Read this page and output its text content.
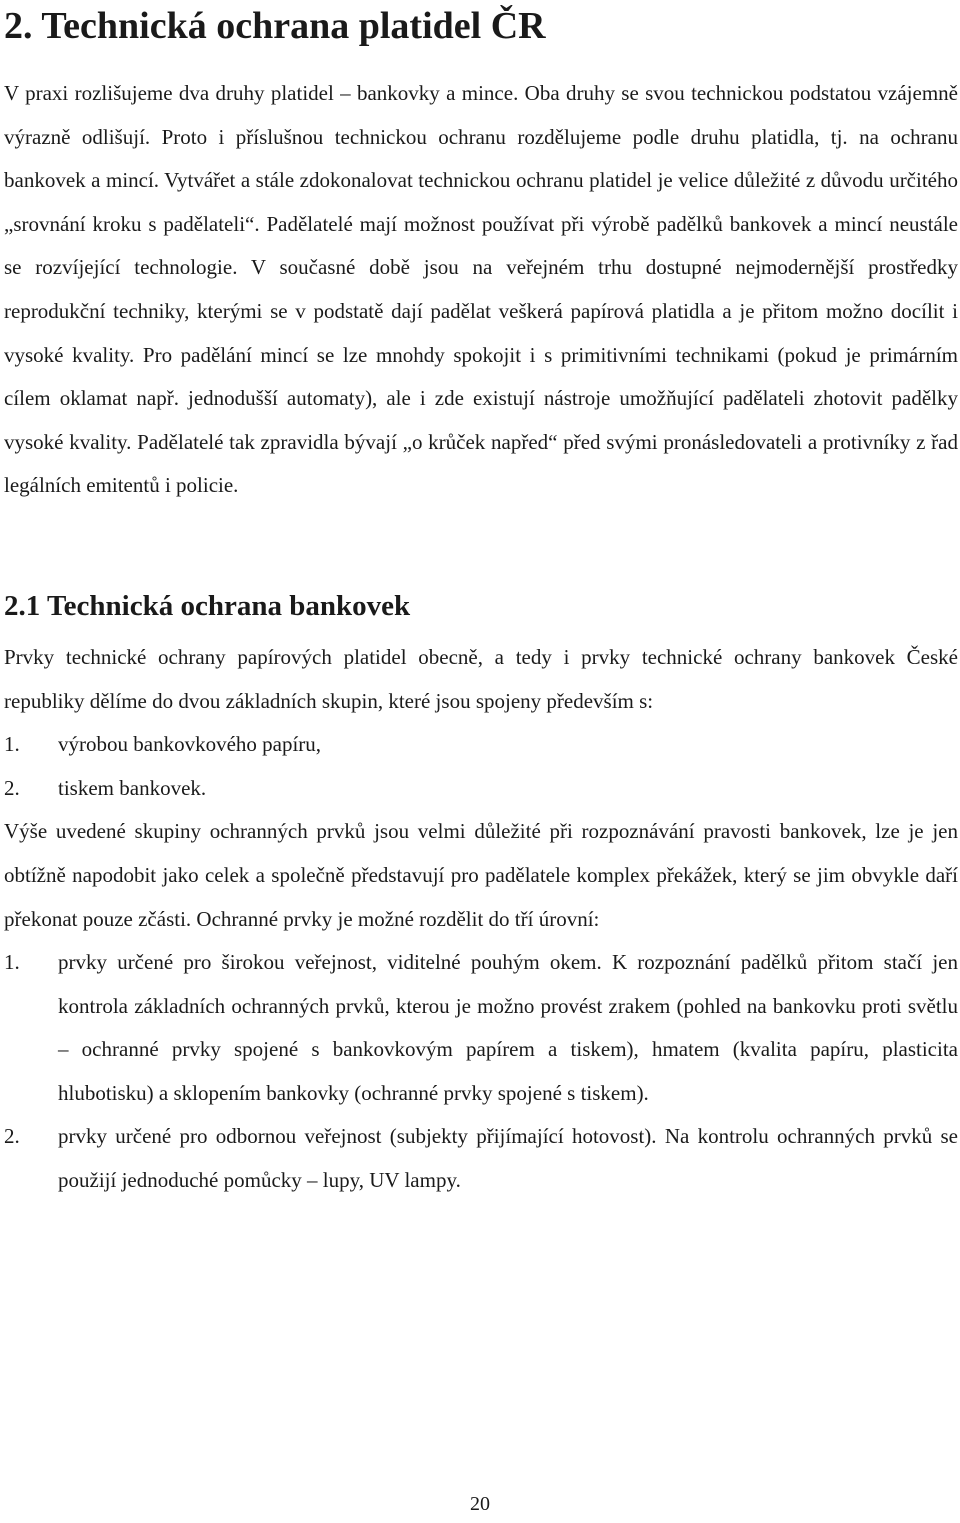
2. Technická ochrana platidel ČR

V praxi rozlišujeme dva druhy platidel – bankovky a mince. Oba druhy se svou technickou podstatou vzájemně výrazně odlišují. Proto i příslušnou technickou ochranu rozdělujeme podle druhu platidla, tj. na ochranu bankovek a mincí. Vytvářet a stále zdokonalovat technickou ochranu platidel je velice důležité z důvodu určitého „srovnání kroku s padělateli“. Padělatelé mají možnost používat při výrobě padělků bankovek a mincí neustále se rozvíjející technologie. V současné době jsou na veřejném trhu dostupné nejmodernější prostředky reprodukční techniky, kterými se v podstatě dají padělat veškerá papírová platidla a je přitom možno docílit i vysoké kvality. Pro padělání mincí se lze mnohdy spokojit i s primitivními technikami (pokud je primárním cílem oklamat např. jednodušší automaty), ale i zde existují nástroje umožňující padělateli zhotovit padělky vysoké kvality. Padělatelé tak zpravidla bývají „o krůček napřed“ před svými pronásledovateli a protivníky z řad legálních emitentů i policie.

2.1 Technická ochrana bankovek

Prvky technické ochrany papírových platidel obecně, a tedy i prvky technické ochrany bankovek České republiky dělíme do dvou základních skupin, které jsou spojeny především s:

1.	výrobou bankovkového papíru,
2.	tiskem bankovek.

Výše uvedené skupiny ochranných prvků jsou velmi důležité při rozpoznávání pravosti bankovek, lze je jen obtížně napodobit jako celek a společně představují pro padělatele komplex překážek, který se jim obvykle daří překonat pouze zčásti. Ochranné prvky je možné rozdělit do tří úrovní:

1.	prvky určené pro širokou veřejnost, viditelné pouhým okem. K rozpoznání padělků přitom stačí jen kontrola základních ochranných prvků, kterou je možno provést zrakem (pohled na bankovku proti světlu – ochranné prvky spojené s bankovkovým papírem a tiskem), hmatem (kvalita papíru, plasticita hlubotisku) a sklopením bankovky (ochranné prvky spojené s tiskem).
2.	prvky určené pro odbornou veřejnost (subjekty přijímající hotovost). Na kontrolu ochranných prvků se použijí jednoduché pomůcky – lupy, UV lampy.
20
